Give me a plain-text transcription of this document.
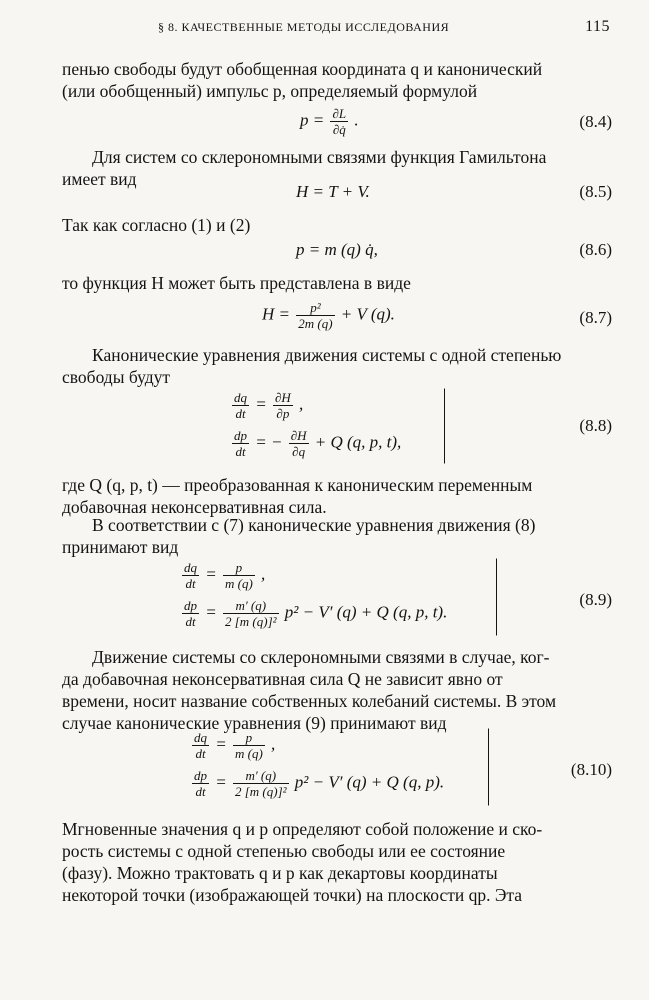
§ 8. КАЧЕСТВЕННЫЕ МЕТОДЫ ИССЛЕДОВАНИЯ	115
пенью свободы будут обобщенная координата q и канонический
(или обобщенный) импульс p, определяемый формулой
$p = \frac{\partial L}{\partial q̇}$ .	(8.4)
Для систем со склерономными связями функция Гамильтона
имеет вид
H = T + V.	(8.5)
Так как согласно (1) и (2)
p = m (q) q̇,	(8.6)
то функция H может быть представлена в виде
$H = \frac{\text{p²}}{2m (q)} + V$ (q).	(8.7)
Канонические уравнения движения системы с одной степенью
свободы будут
$\frac{dq}{dt} = \frac{\partial H}{\partial p}$ ,
$\frac{dp}{dt}$ = − $\frac{\partial H}{\partial q} + Q$ (q, p, t),
(8.8)
где Q (q, p, t) — преобразованная к каноническим переменным
добавочная неконсервативная сила.
В соответствии с (7) канонические уравнения движения (8)
принимают вид
$\frac{dq}{dt} = \frac{p}{m (q)}$ ,
$\frac{dp}{dt} = \frac{m' (q)}{\text{2 [m (q)]²}} p^2 - V'$ (q) + Q (q, p, t).
(8.9)
Движение системы со склерономными связями в случае, ког-
да добавочная неконсервативная сила Q не зависит явно от
времени, носит название собственных колебаний системы. В этом
случае канонические уравнения (9) принимают вид
$\frac{dq}{dt} = \frac{p}{m (q)}$ ,
$\frac{dp}{dt} = \frac{m' (q)}{\text{2 [m (q)]²}} p^2 - V'$ (q) + Q (q, p).
(8.10)
Мгновенные значения q и p определяют собой положение и ско-
рость системы с одной степенью свободы или ее состояние
(фазу). Можно трактовать q и p как декартовы координаты
некоторой точки (изображающей точки) на плоскости qp. Эта
